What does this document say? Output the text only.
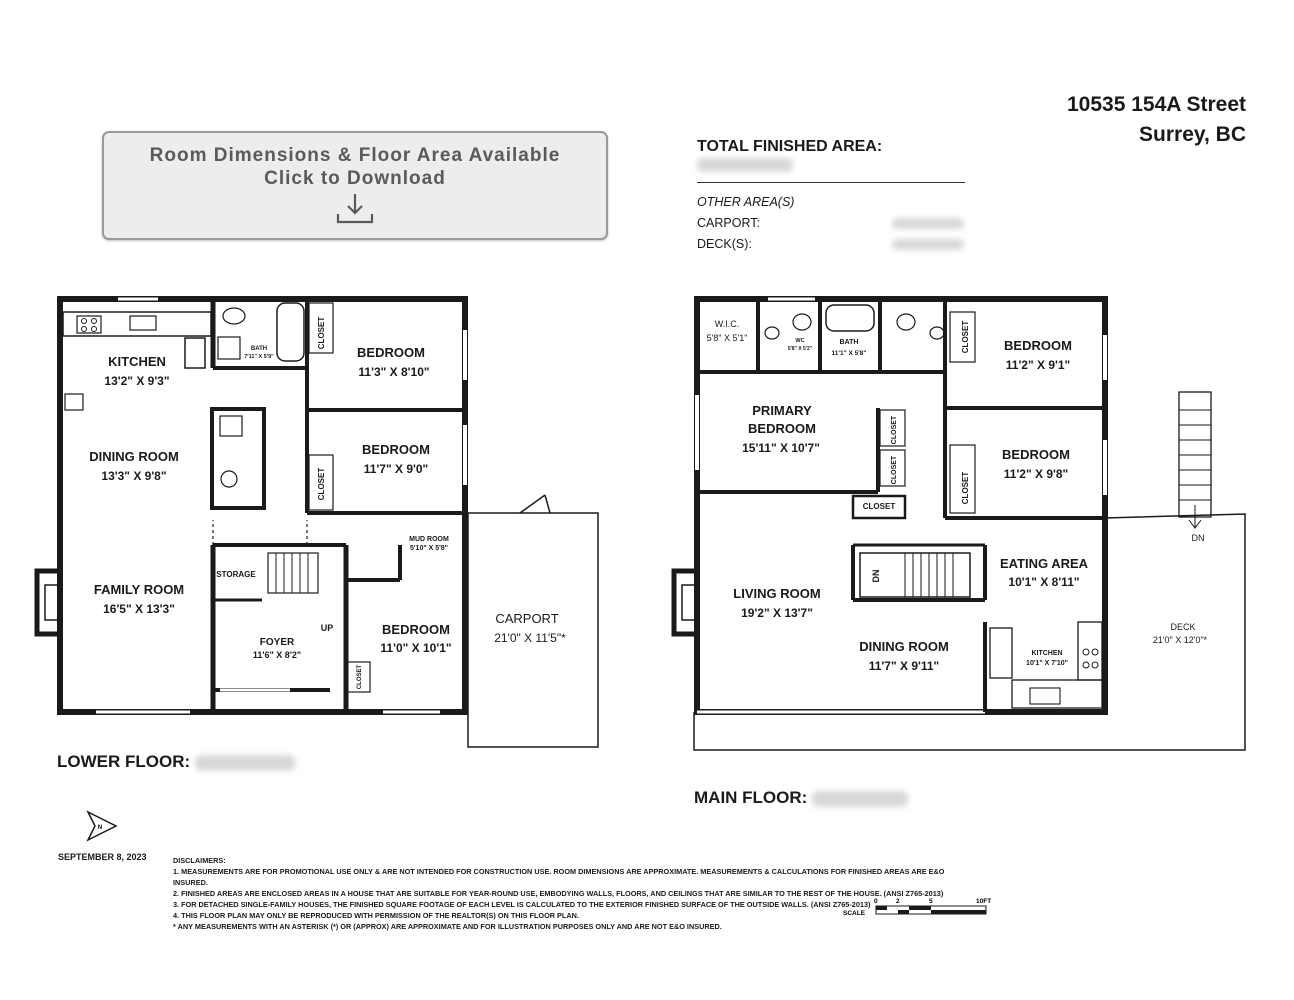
10535 154A Street
Surrey, BC
Room Dimensions & Floor Area Available
Click to Download
TOTAL FINISHED AREA:
OTHER AREA(S)
CARPORT:
DECK(S):
KITCHEN
13'2" X 9'3"
DINING ROOM
13'3" X 9'8"
FAMILY ROOM
16'5" X 13'3"
BATH
7'11" X 5'9"	BEDROOM
11'3" X 8'10"
BEDROOM
11'7" X 9'0"
BEDROOM
11'0" X 10'1"
MUD ROOM
5'10" X 5'8"
STORAGE
FOYER
11'6" X 8'2"
UP
CARPORT
21'0" X 11'5"*
CLOSET
CLOSET
CLOSET
W.I.C.
5'8" X 5'1"	WC
5'8" X 5'2"
BATH
11'1" X 5'8"
PRIMARY
BEDROOM
15'11" X 10'7"
BEDROOM
11'2" X 9'1"
BEDROOM
11'2" X 9'8"
EATING AREA
10'1" X 8'11"
LIVING ROOM
19'2" X 13'7"
DINING ROOM
11'7" X 9'11"
KITCHEN
10'1" X 7'10"
DECK
21'0" X 12'0"*
CLOSET
DN
DN
CLOSET
CLOSET
CLOSET
CLOSET
N
SCALE
0	2	5	10FT
LOWER FLOOR:
MAIN FLOOR:
SEPTEMBER 8, 2023	DISCLAIMERS:
1. MEASUREMENTS ARE FOR PROMOTIONAL USE ONLY & ARE NOT INTENDED FOR CONSTRUCTION USE. ROOM DIMENSIONS ARE APPROXIMATE. MEASUREMENTS & CALCULATIONS FOR FINISHED AREAS ARE E&O INSURED.
2. FINISHED AREAS ARE ENCLOSED AREAS IN A HOUSE THAT ARE SUITABLE FOR YEAR-ROUND USE, EMBODYING WALLS, FLOORS, AND CEILINGS THAT ARE SIMILAR TO THE REST OF THE HOUSE. (ANSI Z765-2013)
3. FOR DETACHED SINGLE-FAMILY HOUSES, THE FINISHED SQUARE FOOTAGE OF EACH LEVEL IS CALCULATED TO THE EXTERIOR FINISHED SURFACE OF THE OUTSIDE WALLS. (ANSI Z765-2013)
4. THIS FLOOR PLAN MAY ONLY BE REPRODUCED WITH PERMISSION OF THE REALTOR(S) ON THIS FLOOR PLAN.
* ANY MEASUREMENTS WITH AN ASTERISK (*) OR (APPROX) ARE APPROXIMATE AND FOR ILLUSTRATION PURPOSES ONLY AND ARE NOT E&O INSURED.
